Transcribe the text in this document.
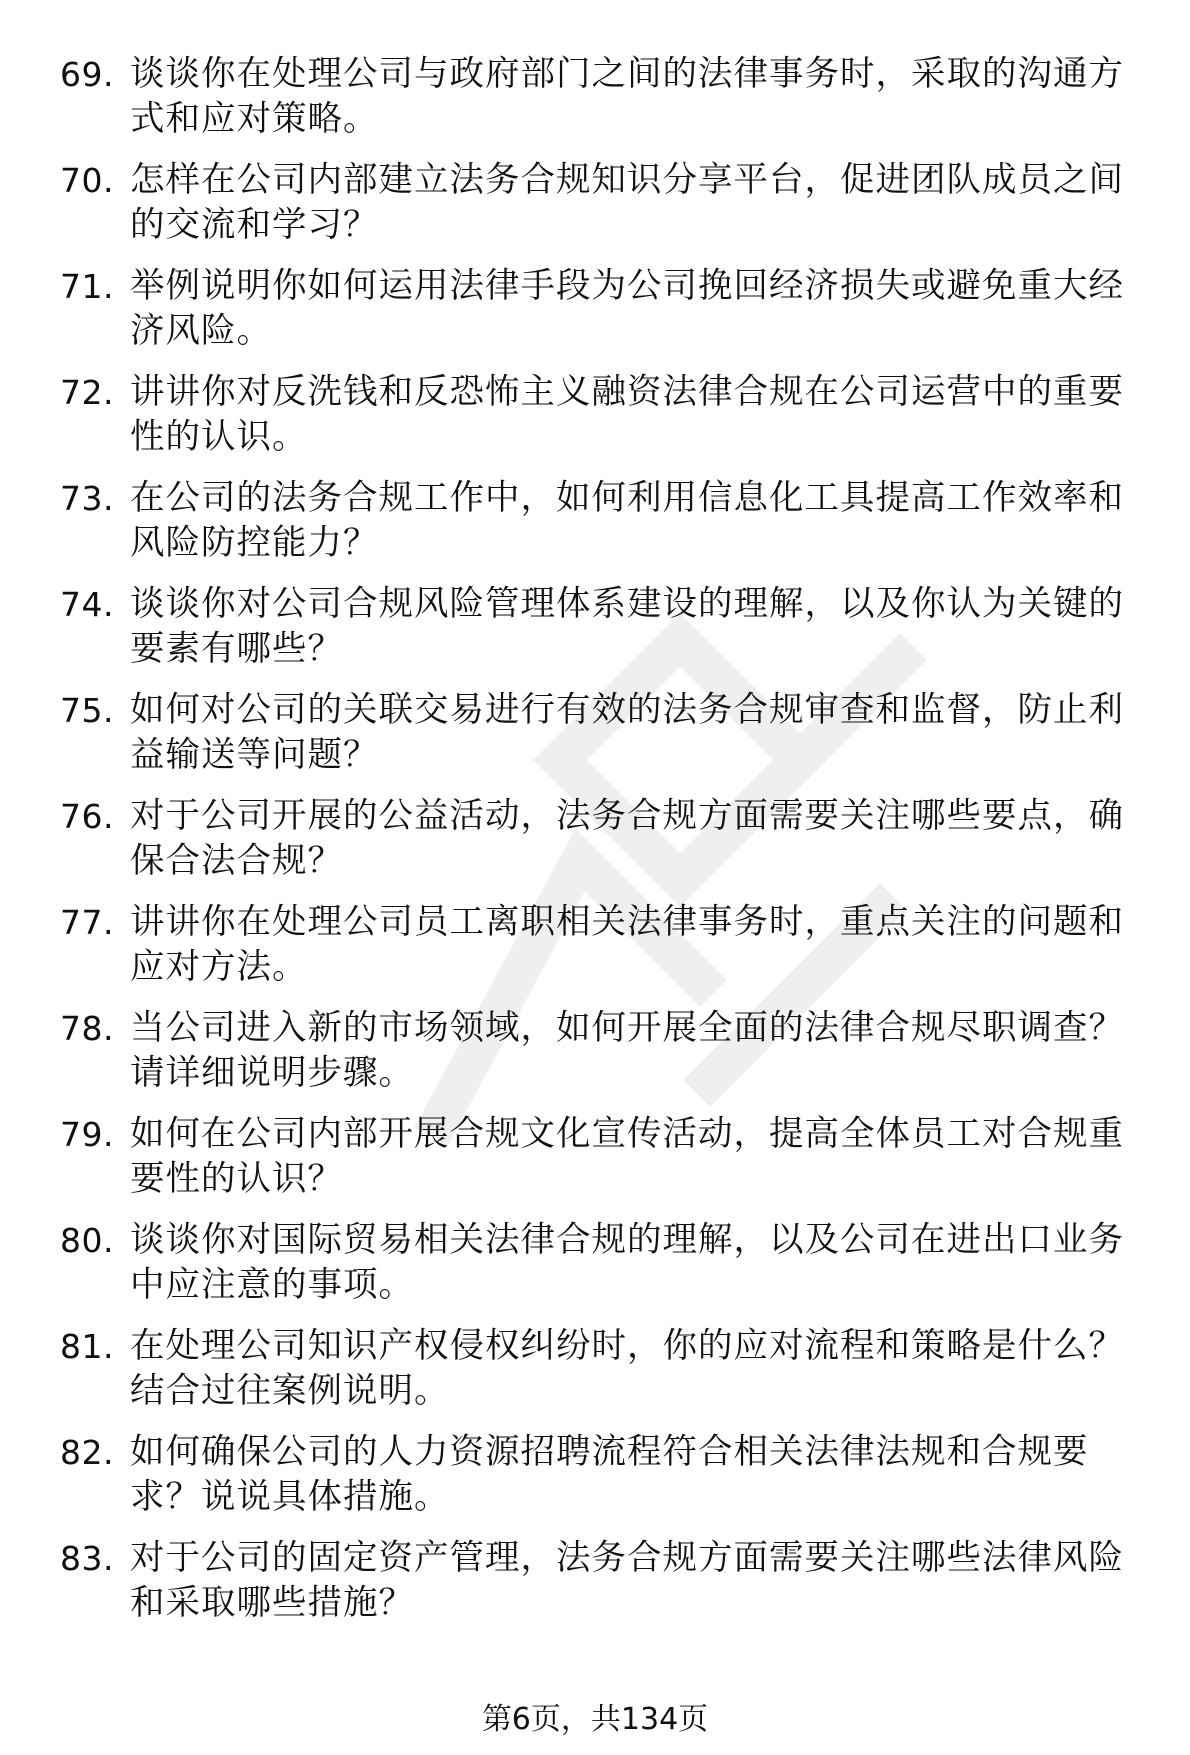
69. 谈谈你在处理公司与政府部门之间的法律事务时，采取的沟通方式和应对策略。
70. 怎样在公司内部建立法务合规知识分享平台，促进团队成员之间的交流和学习？
71. 举例说明你如何运用法律手段为公司挽回经济损失或避免重大经济风险。
72. 讲讲你对反洗钱和反恐怖主义融资法律合规在公司运营中的重要性的认识。
73. 在公司的法务合规工作中，如何利用信息化工具提高工作效率和风险防控能力？
74. 谈谈你对公司合规风险管理体系建设的理解，以及你认为关键的要素有哪些？
75. 如何对公司的关联交易进行有效的法务合规审查和监督，防止利益输送等问题？
76. 对于公司开展的公益活动，法务合规方面需要关注哪些要点，确保合法合规？
77. 讲讲你在处理公司员工离职相关法律事务时，重点关注的问题和应对方法。
78. 当公司进入新的市场领域，如何开展全面的法律合规尽职调查？请详细说明步骤。
79. 如何在公司内部开展合规文化宣传活动，提高全体员工对合规重要性的认识？
80. 谈谈你对国际贸易相关法律合规的理解，以及公司在进出口业务中应注意的事项。
81. 在处理公司知识产权侵权纠纷时，你的应对流程和策略是什么？结合过往案例说明。
82. 如何确保公司的人力资源招聘流程符合相关法律法规和合规要求？说说具体措施。
83. 对于公司的固定资产管理，法务合规方面需要关注哪些法律风险和采取哪些措施？
第6页，共134页
